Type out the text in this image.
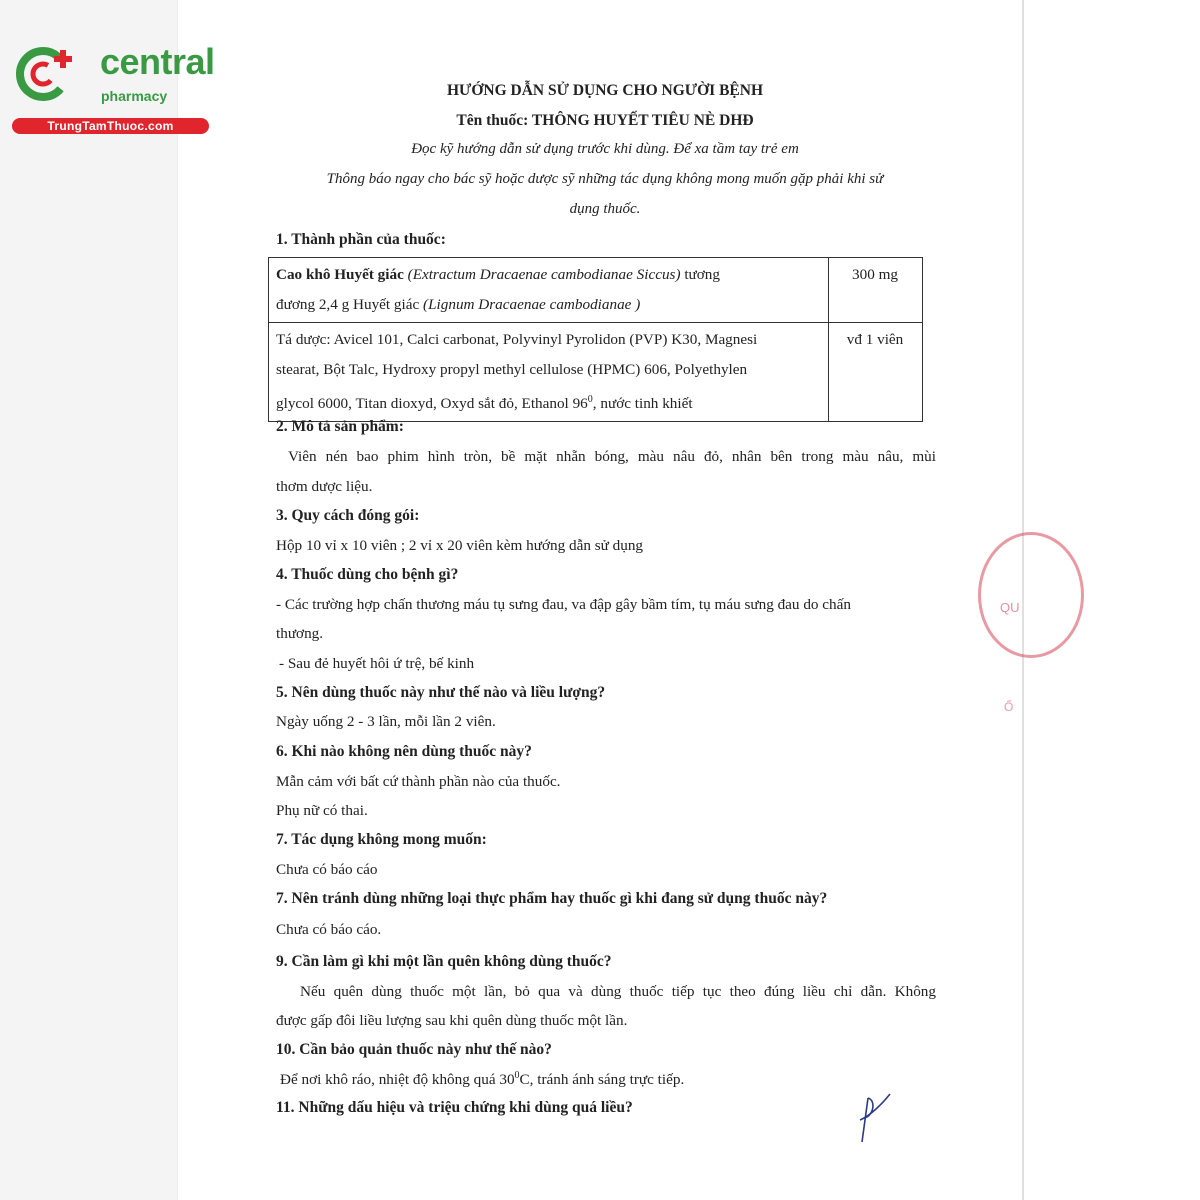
QU
Ố
central
pharmacy
TrungTamThuoc.com
HƯỚNG DẪN SỬ DỤNG CHO NGƯỜI BỆNH
Tên thuốc: THÔNG HUYẾT TIÊU NÈ DHĐ
Đọc kỹ hướng dẫn sử dụng trước khi dùng. Để xa tầm tay trẻ em
Thông báo ngay cho bác sỹ hoặc dược sỹ những tác dụng không mong muốn gặp phải khi sử
dụng thuốc.
1. Thành phần của thuốc:
Cao khô Huyết giác (Extractum Dracaenae cambodianae Siccus) tương
đương 2,4 g Huyết giác (Lignum Dracaenae cambodianae )	300 mg
Tá dược: Avicel 101, Calci carbonat, Polyvinyl Pyrolidon (PVP) K30, Magnesi
stearat, Bột Talc, Hydroxy propyl methyl cellulose (HPMC) 606, Polyethylen
glycol 6000, Titan dioxyd, Oxyd sắt đỏ, Ethanol $96^0$, nước tinh khiết	vđ 1 viên
2. Mô tả sản phẩm:
Viên nén bao phim hình tròn, bề mặt nhẵn bóng, màu nâu đỏ, nhân bên trong màu nâu, mùi
thơm dược liệu.
3. Quy cách đóng gói:
Hộp 10 vỉ x 10 viên ; 2 vỉ x 20 viên kèm hướng dẫn sử dụng
4. Thuốc dùng cho bệnh gì?
- Các trường hợp chấn thương máu tụ sưng đau, va đập gây bầm tím, tụ máu sưng đau do chấn
thương.
- Sau đẻ huyết hôi ứ trệ, bế kinh
5. Nên dùng thuốc này như thế nào và liều lượng?
Ngày uống 2 - 3 lần, mỗi lần 2 viên.
6. Khi nào không nên dùng thuốc này?
Mẫn cảm với bất cứ thành phần nào của thuốc.
Phụ nữ có thai.
7. Tác dụng không mong muốn:
Chưa có báo cáo
7. Nên tránh dùng những loại thực phẩm hay thuốc gì khi đang sử dụng thuốc này?
Chưa có báo cáo.
9. Cần làm gì khi một lần quên không dùng thuốc?
Nếu quên dùng thuốc một lần, bỏ qua và dùng thuốc tiếp tục theo đúng liều chỉ dẫn. Không
được gấp đôi liều lượng sau khi quên dùng thuốc một lần.
10. Cần bảo quản thuốc này như thế nào?
Để nơi khô ráo, nhiệt độ không quá $30^0C$, tránh ánh sáng trực tiếp.
11. Những dấu hiệu và triệu chứng khi dùng quá liều?
